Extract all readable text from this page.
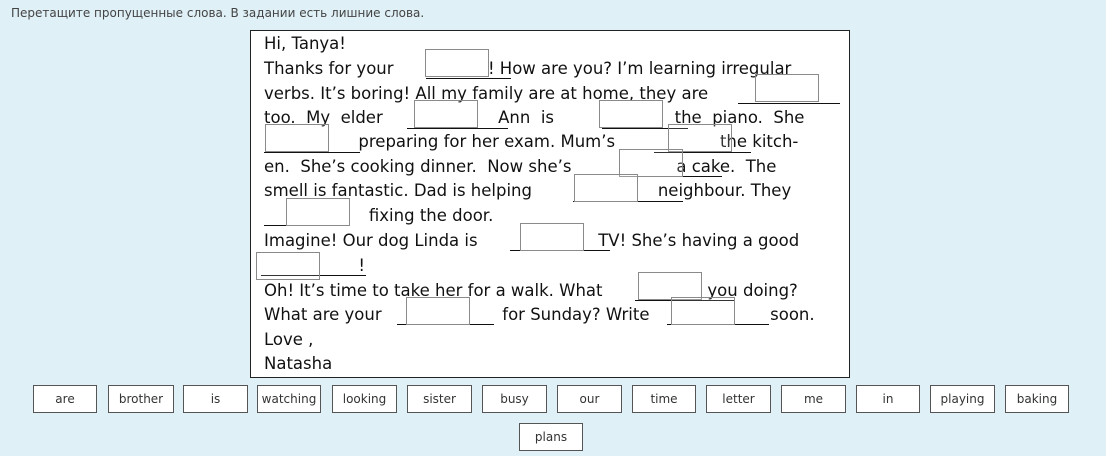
Перетащите пропущенные слова. В задании есть лишние слова.
Hi, Tanya!
Thanks for your                  ! How are you? I’m learning irregular
verbs. It’s boring! All my family are at home, they are
too.  My  elder                      Ann  is                       the  piano.  She
preparing for her exam. Mum’s                    the kitch-
en.  She’s cooking dinner.  Now she’s                    a cake.  The
smell is fantastic. Dad is helping                        neighbour. They
fixing the door.
Imagine! Our dog Linda is                       TV! She’s having a good
!
Oh! It’s time to take her for a walk. What                    you doing?
What are your                       for Sunday? Write                       soon.
Love ,
Natasha
are	brother	is	watching	looking	sister	busy	our	time	letter	me	in	playing	baking
plans
